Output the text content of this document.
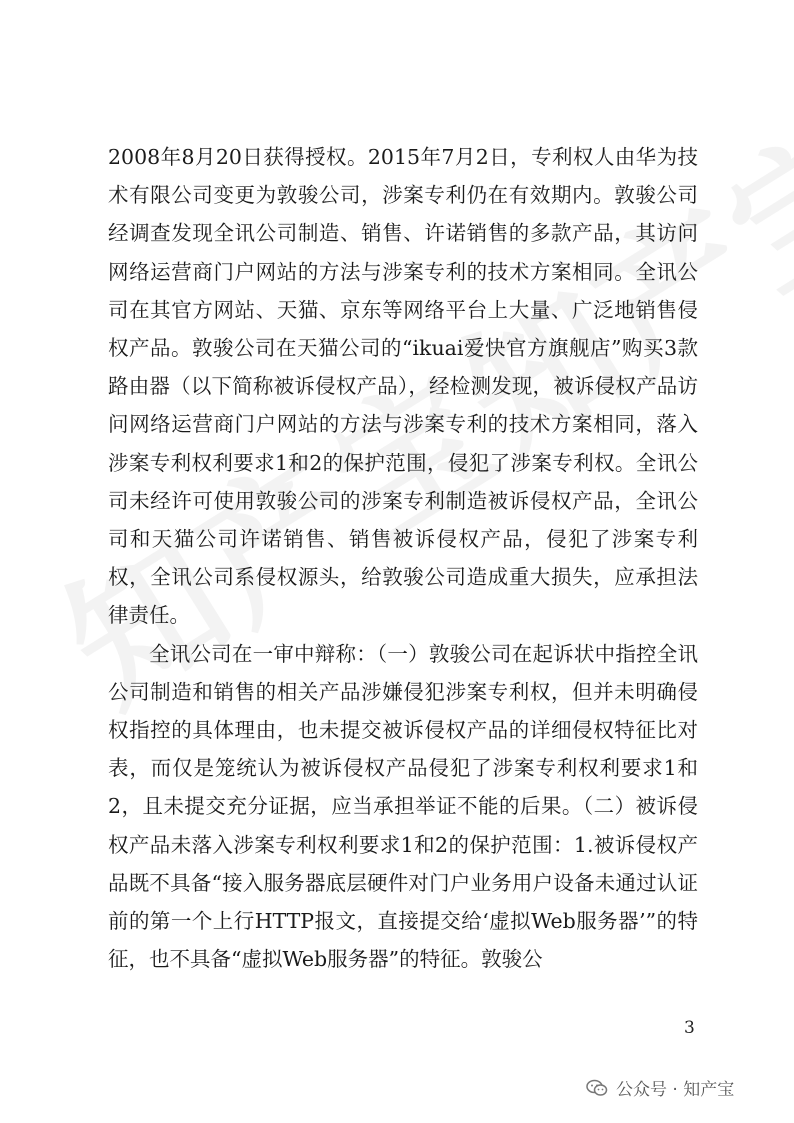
2008年8月20日获得授权。2015年7月2日，专利权人由华为技术有限公司变更为敦骏公司，涉案专利仍在有效期内。敦骏公司经调查发现全讯公司制造、销售、许诺销售的多款产品，其访问网络运营商门户网站的方法与涉案专利的技术方案相同。全讯公司在其官方网站、天猫、京东等网络平台上大量、广泛地销售侵权产品。敦骏公司在天猫公司的“ikuai爱快官方旗舰店”购买3款路由器（以下简称被诉侵权产品），经检测发现，被诉侵权产品访问网络运营商门户网站的方法与涉案专利的技术方案相同，落入涉案专利权利要求1和2的保护范围，侵犯了涉案专利权。全讯公司未经许可使用敦骏公司的涉案专利制造被诉侵权产品，全讯公司和天猫公司许诺销售、销售被诉侵权产品，侵犯了涉案专利权，全讯公司系侵权源头，给敦骏公司造成重大损失，应承担法律责任。

全讯公司在一审中辩称：（一）敦骏公司在起诉状中指控全讯公司制造和销售的相关产品涉嫌侵犯涉案专利权，但并未明确侵权指控的具体理由，也未提交被诉侵权产品的详细侵权特征比对表，而仅是笼统认为被诉侵权产品侵犯了涉案专利权利要求1和2，且未提交充分证据，应当承担举证不能的后果。（二）被诉侵权产品未落入涉案专利权利要求1和2的保护范围：1.被诉侵权产品既不具备“接入服务器底层硬件对门户业务用户设备未通过认证前的第一个上行HTTP报文，直接提交给‘虚拟Web服务器’”的特征，也不具备“虚拟Web服务器”的特征。敦骏公

3
公众号 · 知产宝
